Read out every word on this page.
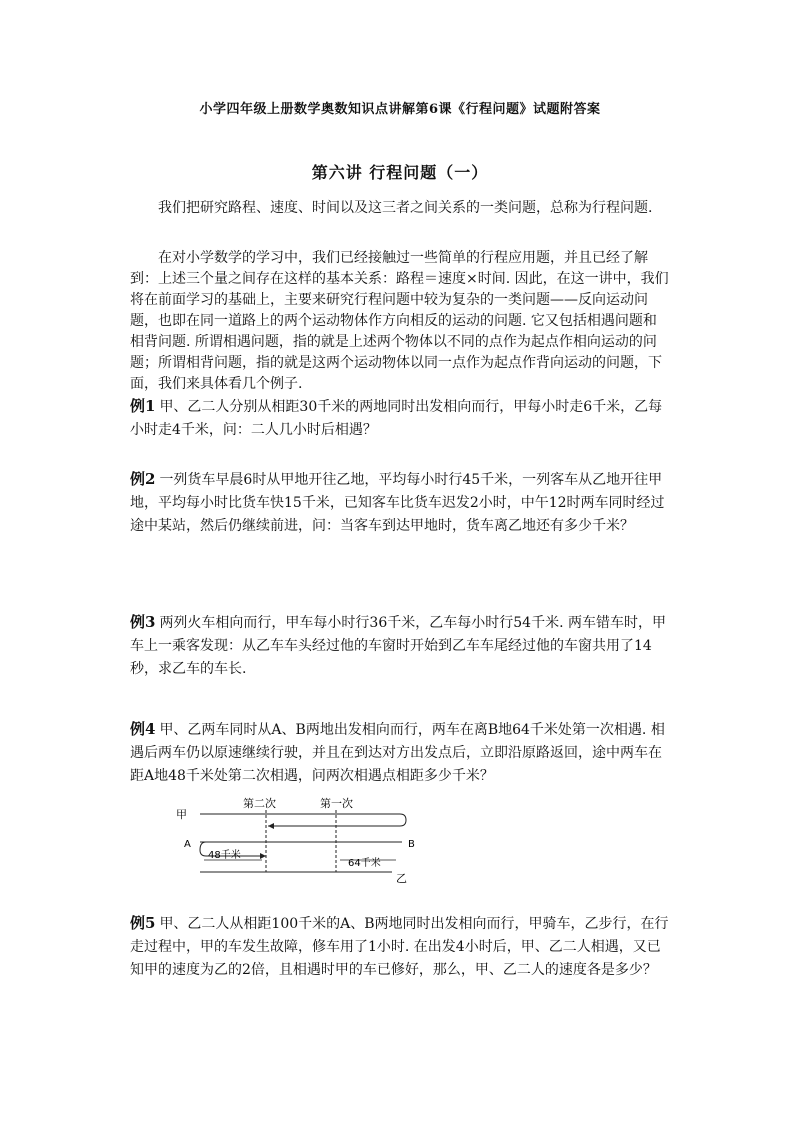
小学四年级上册数学奥数知识点讲解第6课《行程问题》试题附答案
第六讲 行程问题（一）

我们把研究路程、速度、时间以及这三者之间关系的一类问题，总称为行程问题.

在对小学数学的学习中，我们已经接触过一些简单的行程应用题，并且已经了解到：上述三个量之间存在这样的基本关系：路程＝速度×时间. 因此，在这一讲中，我们将在前面学习的基础上，主要来研究行程问题中较为复杂的一类问题——反向运动问题，也即在同一道路上的两个运动物体作方向相反的运动的问题. 它又包括相遇问题和相背问题. 所谓相遇问题，指的就是上述两个物体以不同的点作为起点作相向运动的问题；所谓相背问题，指的就是这两个运动物体以同一点作为起点作背向运动的问题，下面，我们来具体看几个例子.

例1 甲、乙二人分别从相距30千米的两地同时出发相向而行，甲每小时走6千米，乙每小时走4千米，问：二人几小时后相遇？

例2 一列货车早晨6时从甲地开往乙地，平均每小时行45千米，一列客车从乙地开往甲地，平均每小时比货车快15千米，已知客车比货车迟发2小时，中午12时两车同时经过途中某站，然后仍继续前进，问：当客车到达甲地时，货车离乙地还有多少千米？

例3 两列火车相向而行，甲车每小时行36千米，乙车每小时行54千米. 两车错车时，甲车上一乘客发现：从乙车车头经过他的车窗时开始到乙车车尾经过他的车窗共用了14秒，求乙车的车长.

例4 甲、乙两车同时从A、B两地出发相向而行，两车在离B地64千米处第一次相遇. 相遇后两车仍以原速继续行驶，并且在到达对方出发点后，立即沿原路返回，途中两车在距A地48千米处第二次相遇，问两次相遇点相距多少千米？

甲
第二次	第一次
A	B
乙
48千米
64千米

例5 甲、乙二人从相距100千米的A、B两地同时出发相向而行，甲骑车，乙步行，在行走过程中，甲的车发生故障，修车用了1小时. 在出发4小时后，甲、乙二人相遇，又已知甲的速度为乙的2倍，且相遇时甲的车已修好，那么，甲、乙二人的速度各是多少？
